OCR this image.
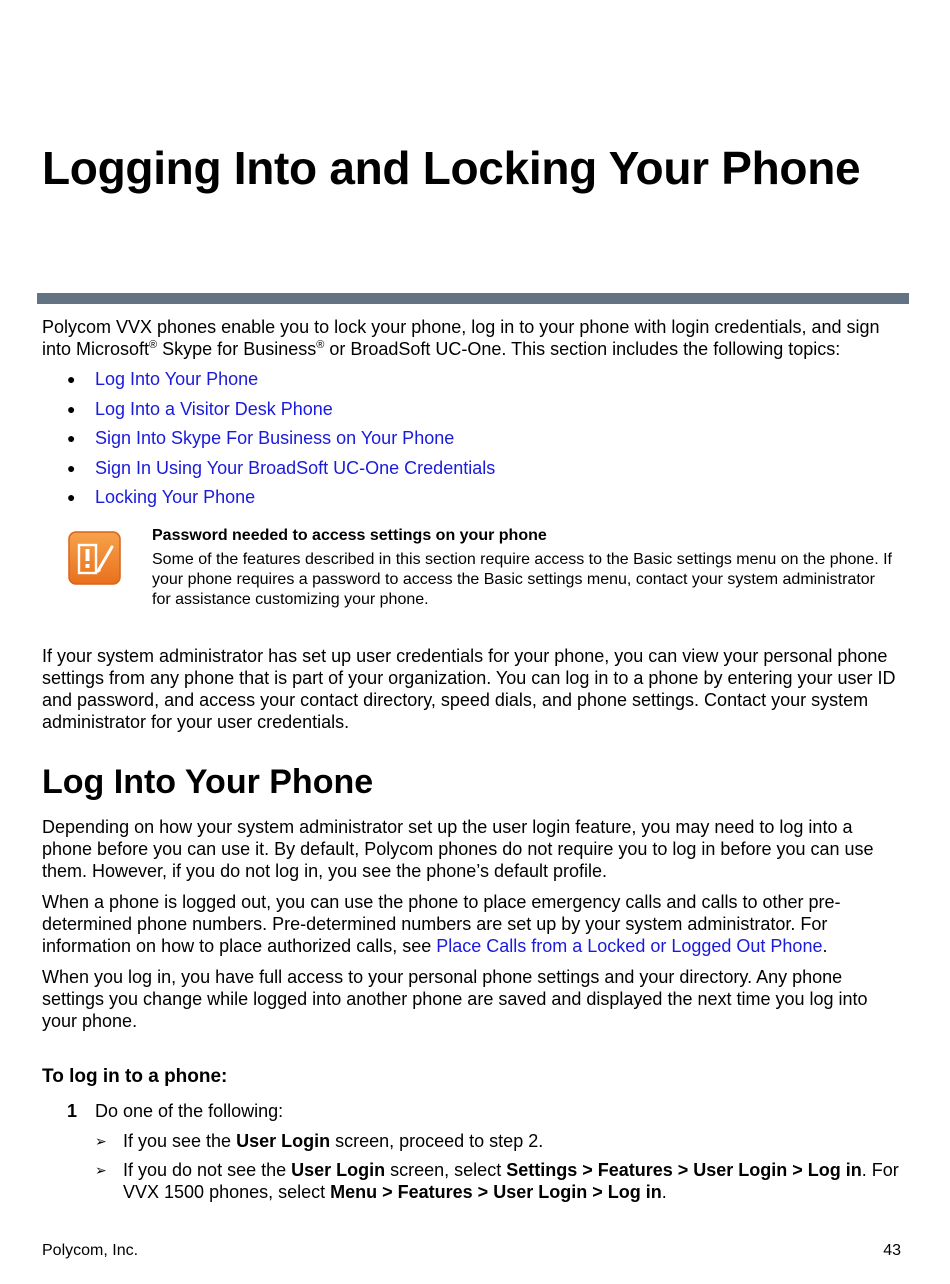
Logging Into and Locking Your Phone

Polycom VVX phones enable you to lock your phone, log in to your phone with login credentials, and sign into Microsoft® Skype for Business® or BroadSoft UC-One. This section includes the following topics:

● Log Into Your Phone
● Log Into a Visitor Desk Phone
● Sign Into Skype For Business on Your Phone
● Sign In Using Your BroadSoft UC-One Credentials
● Locking Your Phone
Password needed to access settings on your phone

Some of the features described in this section require access to the Basic settings menu on the phone. If your phone requires a password to access the Basic settings menu, contact your system administrator for assistance customizing your phone.

If your system administrator has set up user credentials for your phone, you can view your personal phone settings from any phone that is part of your organization. You can log in to a phone by entering your user ID and password, and access your contact directory, speed dials, and phone settings. Contact your system administrator for your user credentials.

Log Into Your Phone

Depending on how your system administrator set up the user login feature, you may need to log into a phone before you can use it. By default, Polycom phones do not require you to log in before you can use them. However, if you do not log in, you see the phone’s default profile.

When a phone is logged out, you can use the phone to place emergency calls and calls to other pre-determined phone numbers. Pre-determined numbers are set up by your system administrator. For information on how to place authorized calls, see Place Calls from a Locked or Logged Out Phone.

When you log in, you have full access to your personal phone settings and your directory. Any phone settings you change while logged into another phone are saved and displayed the next time you log into your phone.

To log in to a phone:
1 Do one of the following:
➢ If you see the User Login screen, proceed to step 2.

➢ If you do not see the User Login screen, select Settings > Features > User Login > Log in. For VVX 1500 phones, select Menu > Features > User Login > Log in.

Polycom, Inc.	43
